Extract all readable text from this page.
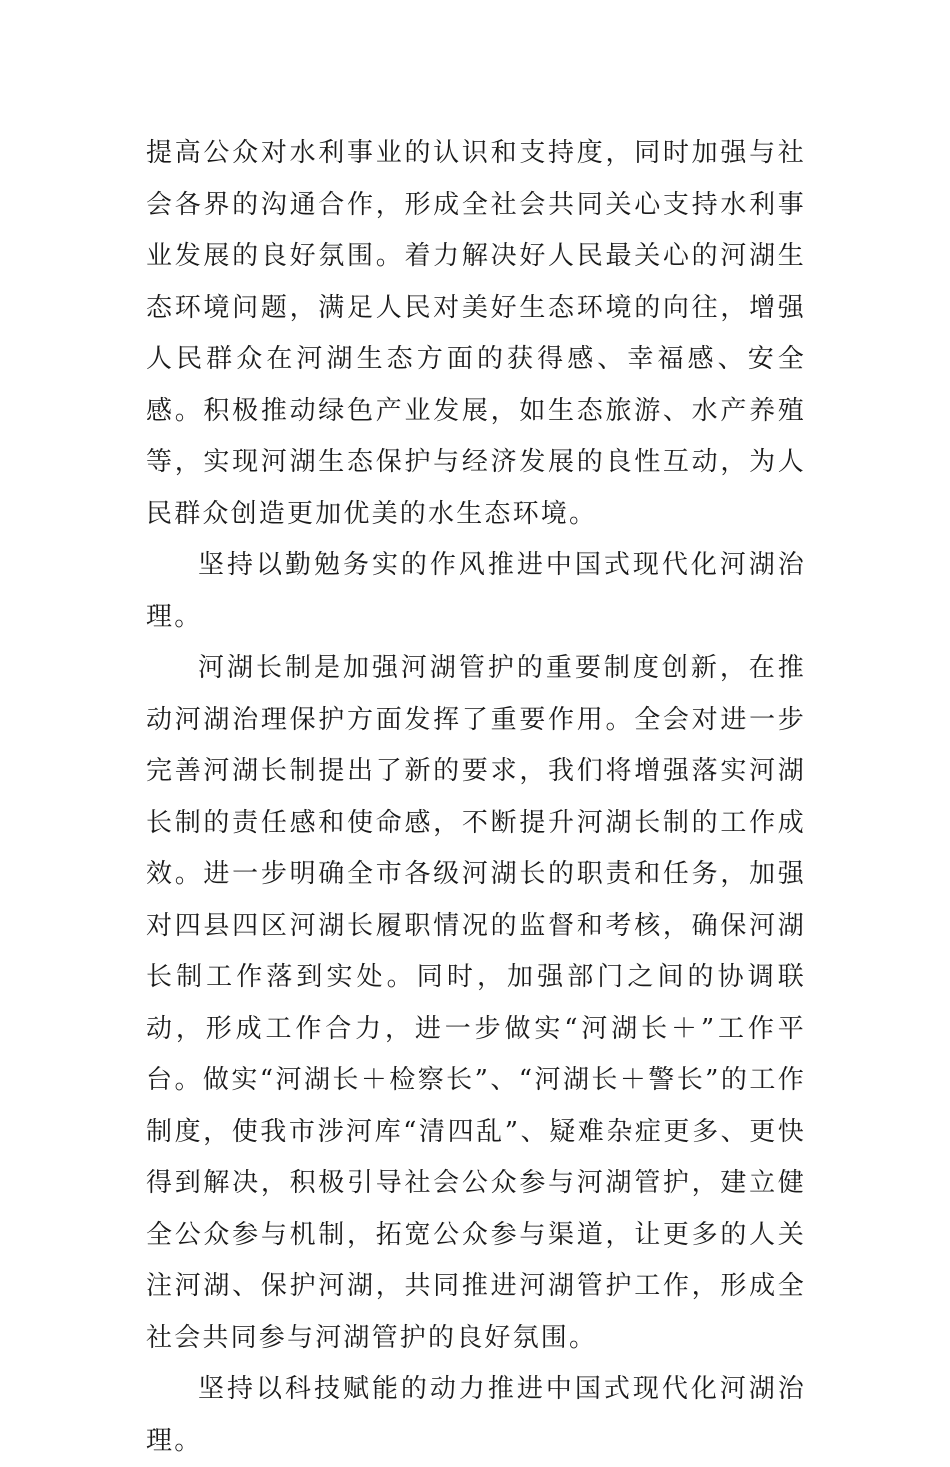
提高公众对水利事业的认识和支持度，同时加强与社会各界的沟通合作，形成全社会共同关心支持水利事业发展的良好氛围。着力解决好人民最关心的河湖生态环境问题，满足人民对美好生态环境的向往，增强人民群众在河湖生态方面的获得感、幸福感、安全感。积极推动绿色产业发展，如生态旅游、水产养殖等，实现河湖生态保护与经济发展的良性互动，为人民群众创造更加优美的水生态环境。

坚持以勤勉务实的作风推进中国式现代化河湖治理。

河湖长制是加强河湖管护的重要制度创新，在推动河湖治理保护方面发挥了重要作用。全会对进一步完善河湖长制提出了新的要求，我们将增强落实河湖长制的责任感和使命感，不断提升河湖长制的工作成效。进一步明确全市各级河湖长的职责和任务，加强对四县四区河湖长履职情况的监督和考核，确保河湖长制工作落到实处。同时，加强部门之间的协调联动，形成工作合力，进一步做实“河湖长＋”工作平台。做实“河湖长＋检察长”、“河湖长＋警长”的工作制度，使我市涉河库“清四乱”、疑难杂症更多、更快得到解决，积极引导社会公众参与河湖管护，建立健全公众参与机制，拓宽公众参与渠道，让更多的人关注河湖、保护河湖，共同推进河湖管护工作，形成全社会共同参与河湖管护的良好氛围。

坚持以科技赋能的动力推进中国式现代化河湖治理。
